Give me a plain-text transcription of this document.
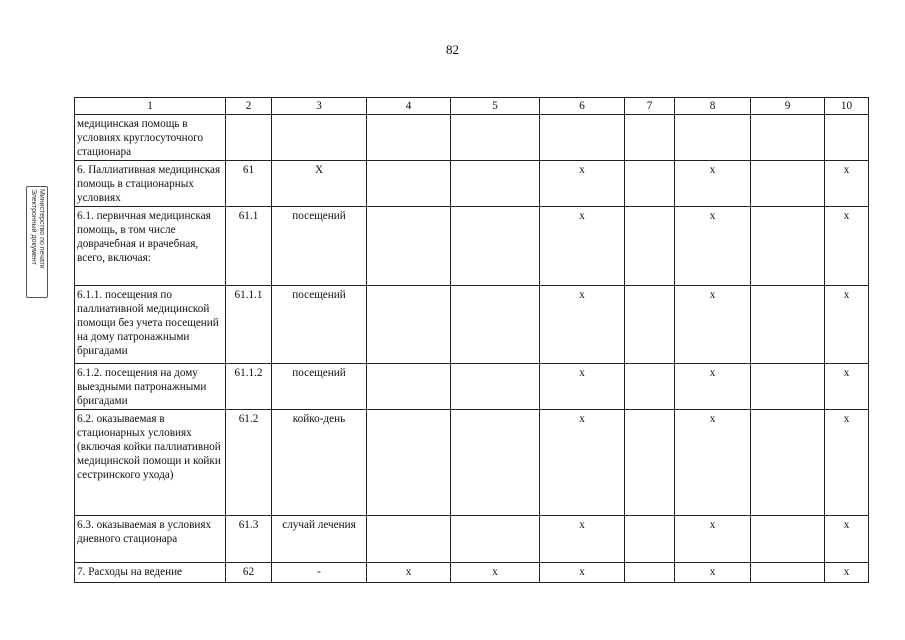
82
Министерство по печати
Электронный документ
1	2	3	4	5	6	7	8	9	10
медицинская помощь в условиях круглосуточного стационара									
6. Паллиативная медицинская помощь в стационарных условиях	61	X			x		x		x
6.1. первичная медицинская помощь, в том числе доврачебная и врачебная, всего, включая:	61.1	посещений			x		x		x
6.1.1. посещения по паллиативной медицинской помощи без учета посещений на дому патронажными бригадами	61.1.1	посещений			x		x		x
6.1.2. посещения на дому выездными патронажными бригадами	61.1.2	посещений			x		x		x
6.2. оказываемая в стационарных условиях (включая койки паллиативной медицинской помощи и койки сестринского ухода)	61.2	койко-день			x		x		x
6.3. оказываемая в условиях дневного стационара	61.3	случай лечения			x		x		x
7. Расходы на ведение	62	-	x	x	x		x		x
